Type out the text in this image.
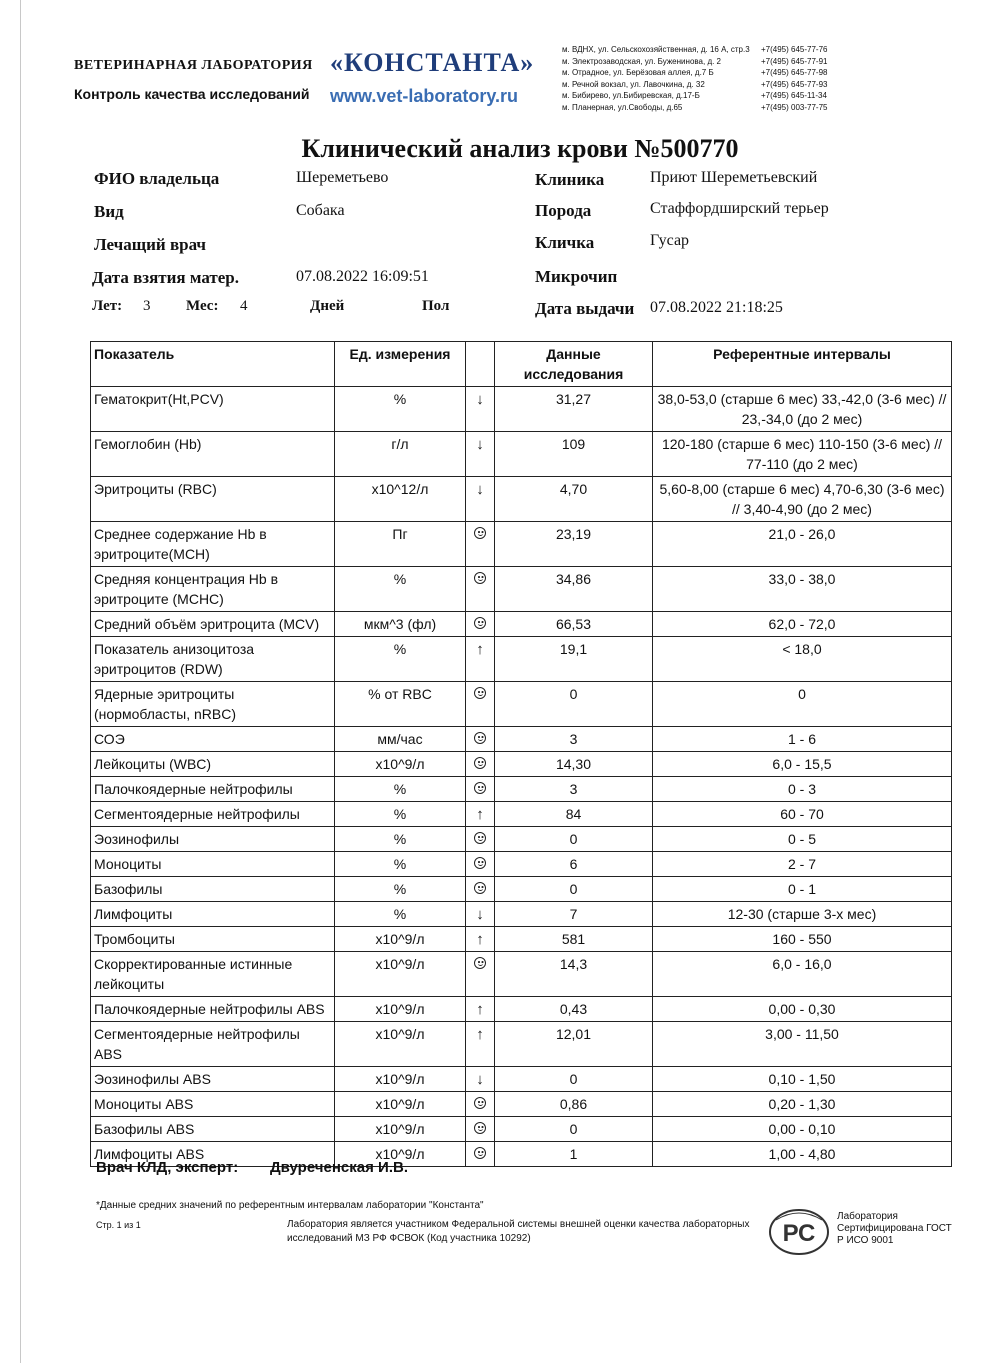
ВЕТЕРИНАРНАЯ ЛАБОРАТОРИЯ «КОНСТАНТА»
Контроль качества исследований www.vet-laboratory.ru
м. ВДНХ, ул. Сельскохозяйственная, д. 16 А, стр.3
м. Электрозаводская, ул. Буженинова, д. 2
м. Отрадное, ул. Берёзовая аллея, д.7 Б
м. Речной вокзал, ул. Лавочкина, д. 32
м. Бибирево, ул.Бибиревская, д.17-Б
м. Планерная, ул.Свободы, д.65
+7(495) 645-77-76
+7(495) 645-77-91
+7(495) 645-77-98
+7(495) 645-77-93
+7(495) 645-11-34
+7(495) 003-77-75
Клинический анализ крови №500770
ФИО владельца	Шереметьево
Вид	Собака
Лечащий врач
Дата взятия матер.	07.08.2022 16:09:51
Лет: 3 Мес: 4	Дней	Пол
Клиника	Приют Шереметьевский
Порода	Стаффордширский терьер
Кличка	Гусар
Микрочип
Дата выдачи 07.08.2022 21:18:25
Показатель	Ед. измерения		Данные исследования	Референтные интервалы
Гематокрит(Ht,PCV)	%	↓	31,27	38,0-53,0 (старше 6 мес) 33,-42,0 (3-6 мес) // 23,-34,0 (до 2 мес)
Гемоглобин (Hb)	г/л	↓	109	120-180 (старше 6 мес) 110-150 (3-6 мес) // 77-110 (до 2 мес)
Эритроциты (RBC)	x10^12/л	↓	4,70	5,60-8,00 (старше 6 мес) 4,70-6,30 (3-6 мес) // 3,40-4,90 (до 2 мес)
Среднее содержание Hb в эритроците(MCH)	Пг		23,19	21,0 - 26,0
Средняя концентрация Hb в эритроците (MCHC)	%		34,86	33,0 - 38,0
Средний объём эритроцита (MCV)	мкм^3 (фл)		66,53	62,0 - 72,0
Показатель анизоцитоза эритроцитов (RDW)	%	↑	19,1	< 18,0
Ядерные эритроциты (нормобласты, nRBC)	% от RBC		0	0
СОЭ	мм/час		3	1 - 6
Лейкоциты (WBC)	x10^9/л		14,30	6,0 - 15,5
Палочкоядерные нейтрофилы	%		3	0 - 3
Сегментоядерные нейтрофилы	%	↑	84	60 - 70
Эозинофилы	%		0	0 - 5
Моноциты	%		6	2 - 7
Базофилы	%		0	0 - 1
Лимфоциты	%	↓	7	12-30 (старше 3-х мес)
Тромбоциты	x10^9/л	↑	581	160 - 550
Скорректированные истинные лейкоциты	x10^9/л		14,3	6,0 - 16,0
Палочкоядерные нейтрофилы ABS	x10^9/л	↑	0,43	0,00 - 0,30
Сегментоядерные нейтрофилы ABS	x10^9/л	↑	12,01	3,00 - 11,50
Эозинофилы ABS	x10^9/л	↓	0	0,10 - 1,50
Моноциты ABS	x10^9/л		0,86	0,20 - 1,30
Базофилы ABS	x10^9/л		0	0,00 - 0,10
Лимфоциты ABS	x10^9/л		1	1,00 - 4,80
Врач КЛД, эксперт: Двуреченская И.В.
*Данные средних значений по референтным интервалам лаборатории "Константа"
Стр. 1 из 1	Лаборатория является участником Федеральной системы внешней оценки качества лабораторных исследований МЗ РФ ФСВОК (Код участника 10292)	РС
Лаборатория Сертифицирована ГОСТ Р ИСО 9001
